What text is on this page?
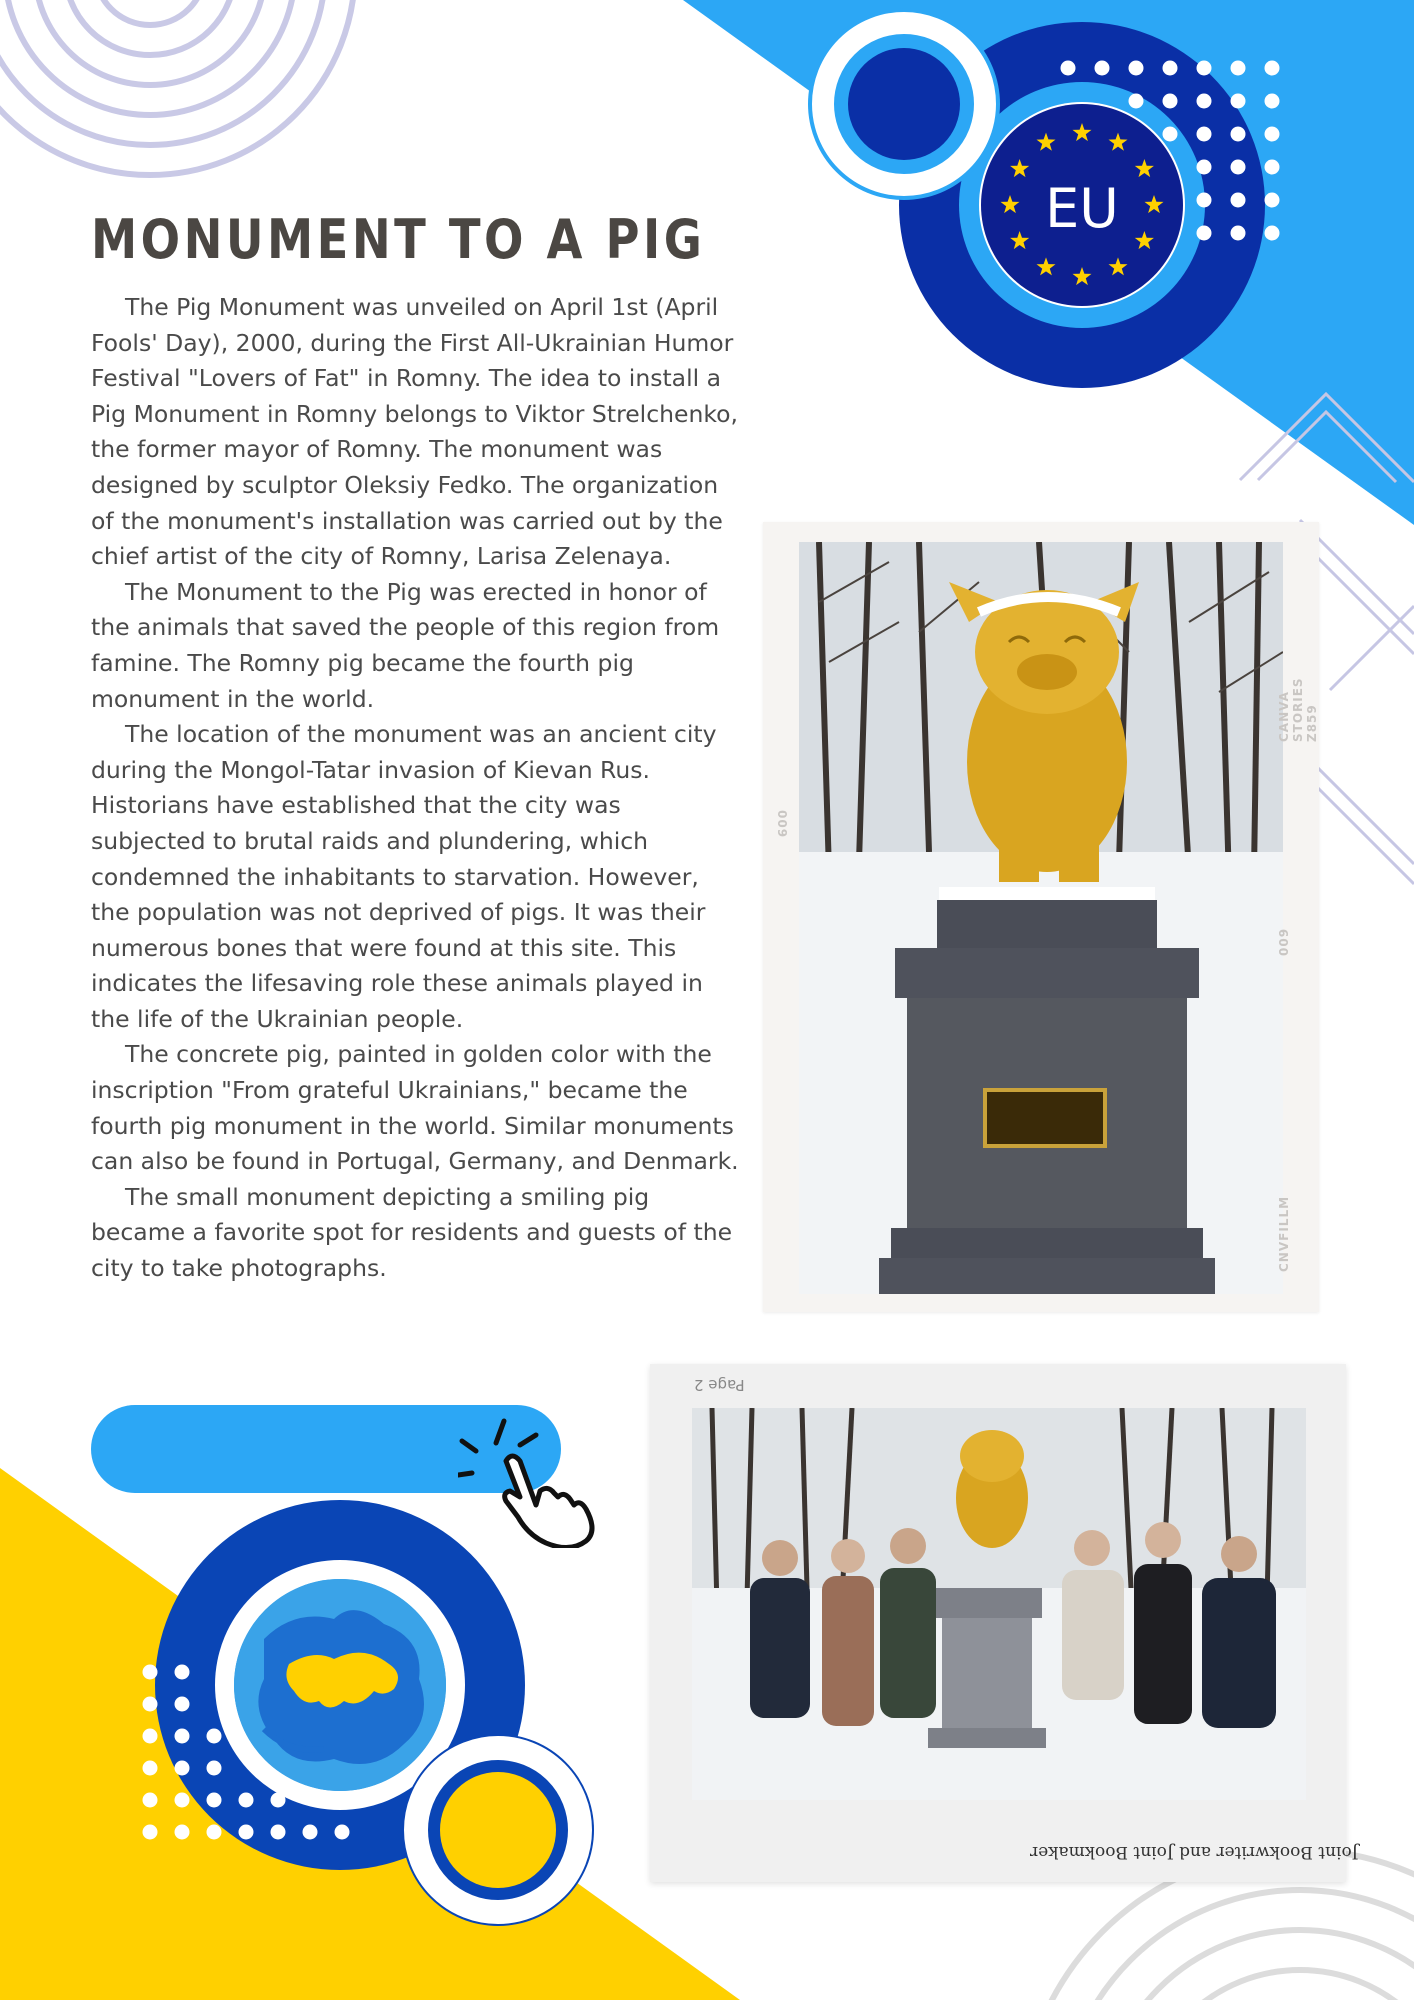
EU
MONUMENT TO A PIG

The Pig Monument was unveiled on April 1st (April Fools' Day), 2000, during the First All-Ukrainian Humor Festival "Lovers of Fat" in Romny. The idea to install a Pig Monument in Romny belongs to Viktor Strelchenko, the former mayor of Romny. The monument was designed by sculptor Oleksiy Fedko. The organization of the monument's installation was carried out by the chief artist of the city of Romny, Larisa Zelenaya.

The Monument to the Pig was erected in honor of the animals that saved the people of this region from famine. The Romny pig became the fourth pig monument in the world.

The location of the monument was an ancient city during the Mongol-Tatar invasion of Kievan Rus. Historians have established that the city was subjected to brutal raids and plundering, which condemned the inhabitants to starvation. However, the population was not deprived of pigs. It was their numerous bones that were found at this site. This indicates the lifesaving role these animals played in the life of the Ukrainian people.

The concrete pig, painted in golden color with the inscription "From grateful Ukrainians," became the fourth pig monument in the world. Similar monuments can also be found in Portugal, Germany, and Denmark.

The small monument depicting a smiling pig became a favorite spot for residents and guests of the city to take photographs.

CANVA STORIES Z859
CNVFILLM
009
009
Page 2
Joint Bookwriter and Joint Bookmaker
